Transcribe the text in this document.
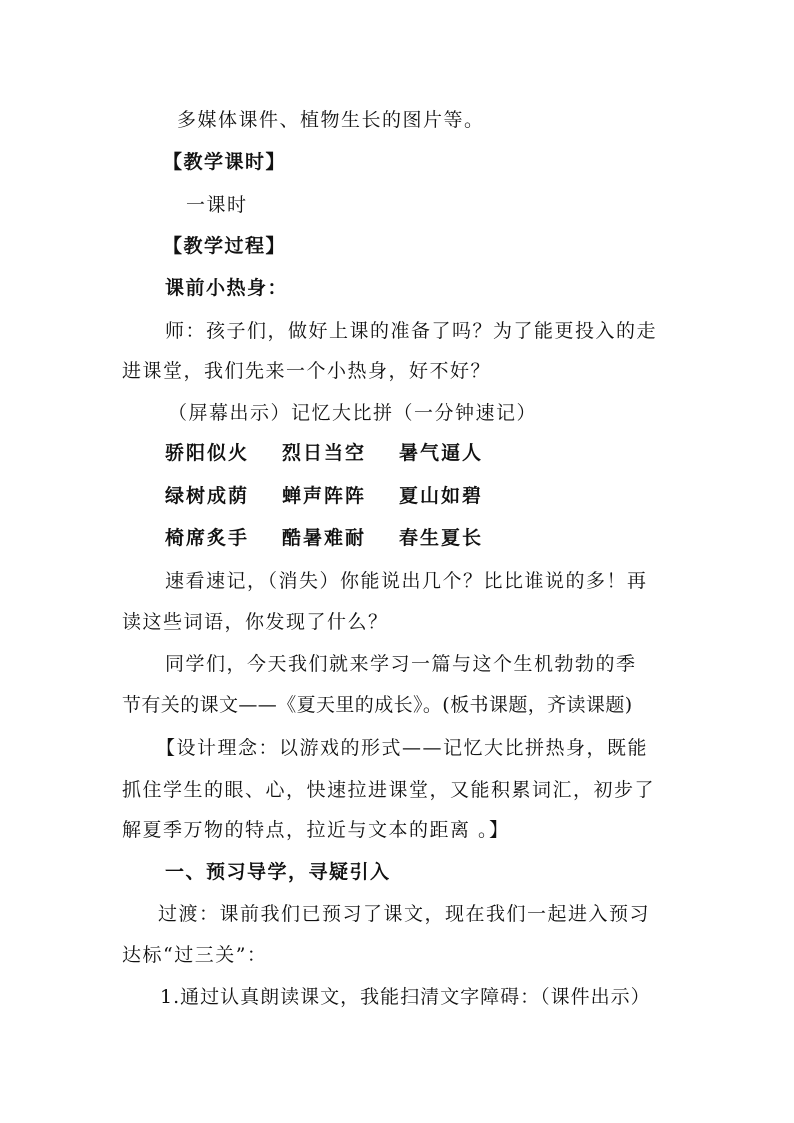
多媒体课件、植物生长的图片等。
【教学课时】
一课时
【教学过程】
课前小热身：
师：孩子们，做好上课的准备了吗？为了能更投入的走
进课堂，我们先来一个小热身，好不好？
（屏幕出示）记忆大比拼（一分钟速记）
骄阳似火 烈日当空 暑气逼人
绿树成荫 蝉声阵阵 夏山如碧
椅席炙手 酷暑难耐 春生夏长
速看速记，（消失）你能说出几个？比比谁说的多！再
读这些词语，你发现了什么？
同学们，今天我们就来学习一篇与这个生机勃勃的季
节有关的课文——《夏天里的成长》。(板书课题，齐读课题)
【设计理念：以游戏的形式——记忆大比拼热身，既能
抓住学生的眼、心，快速拉进课堂，又能积累词汇，初步了
解夏季万物的特点，拉近与文本的距离 。】
一、预习导学，寻疑引入
过渡：课前我们已预习了课文，现在我们一起进入预习
达标“过三关”：
1.通过认真朗读课文，我能扫清文字障碍：（课件出示）
